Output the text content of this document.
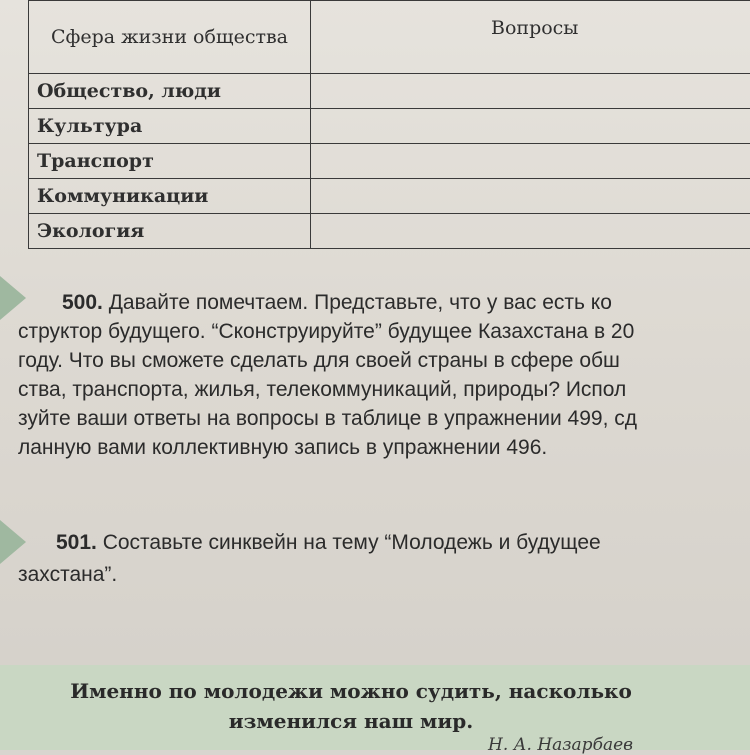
Сфера жизни общества	Вопросы
Общество, люди	
Культура	
Транспорт	
Коммуникации	
Экология	
500. Давайте помечтаем. Представьте, что у вас есть ко
структор будущего. “Сконструируйте” будущее Казахстана в 20
году. Что вы сможете сделать для своей страны в сфере обш
ства, транспорта, жилья, телекоммуникаций, природы? Испол
зуйте ваши ответы на вопросы в таблице в упражнении 499, сд
ланную вами коллективную запись в упражнении 496.
501. Составьте синквейн на тему “Молодежь и будущее
захстана”.
Именно по молодежи можно судить, насколько
изменился наш мир.
Н. А. Назарбаев
